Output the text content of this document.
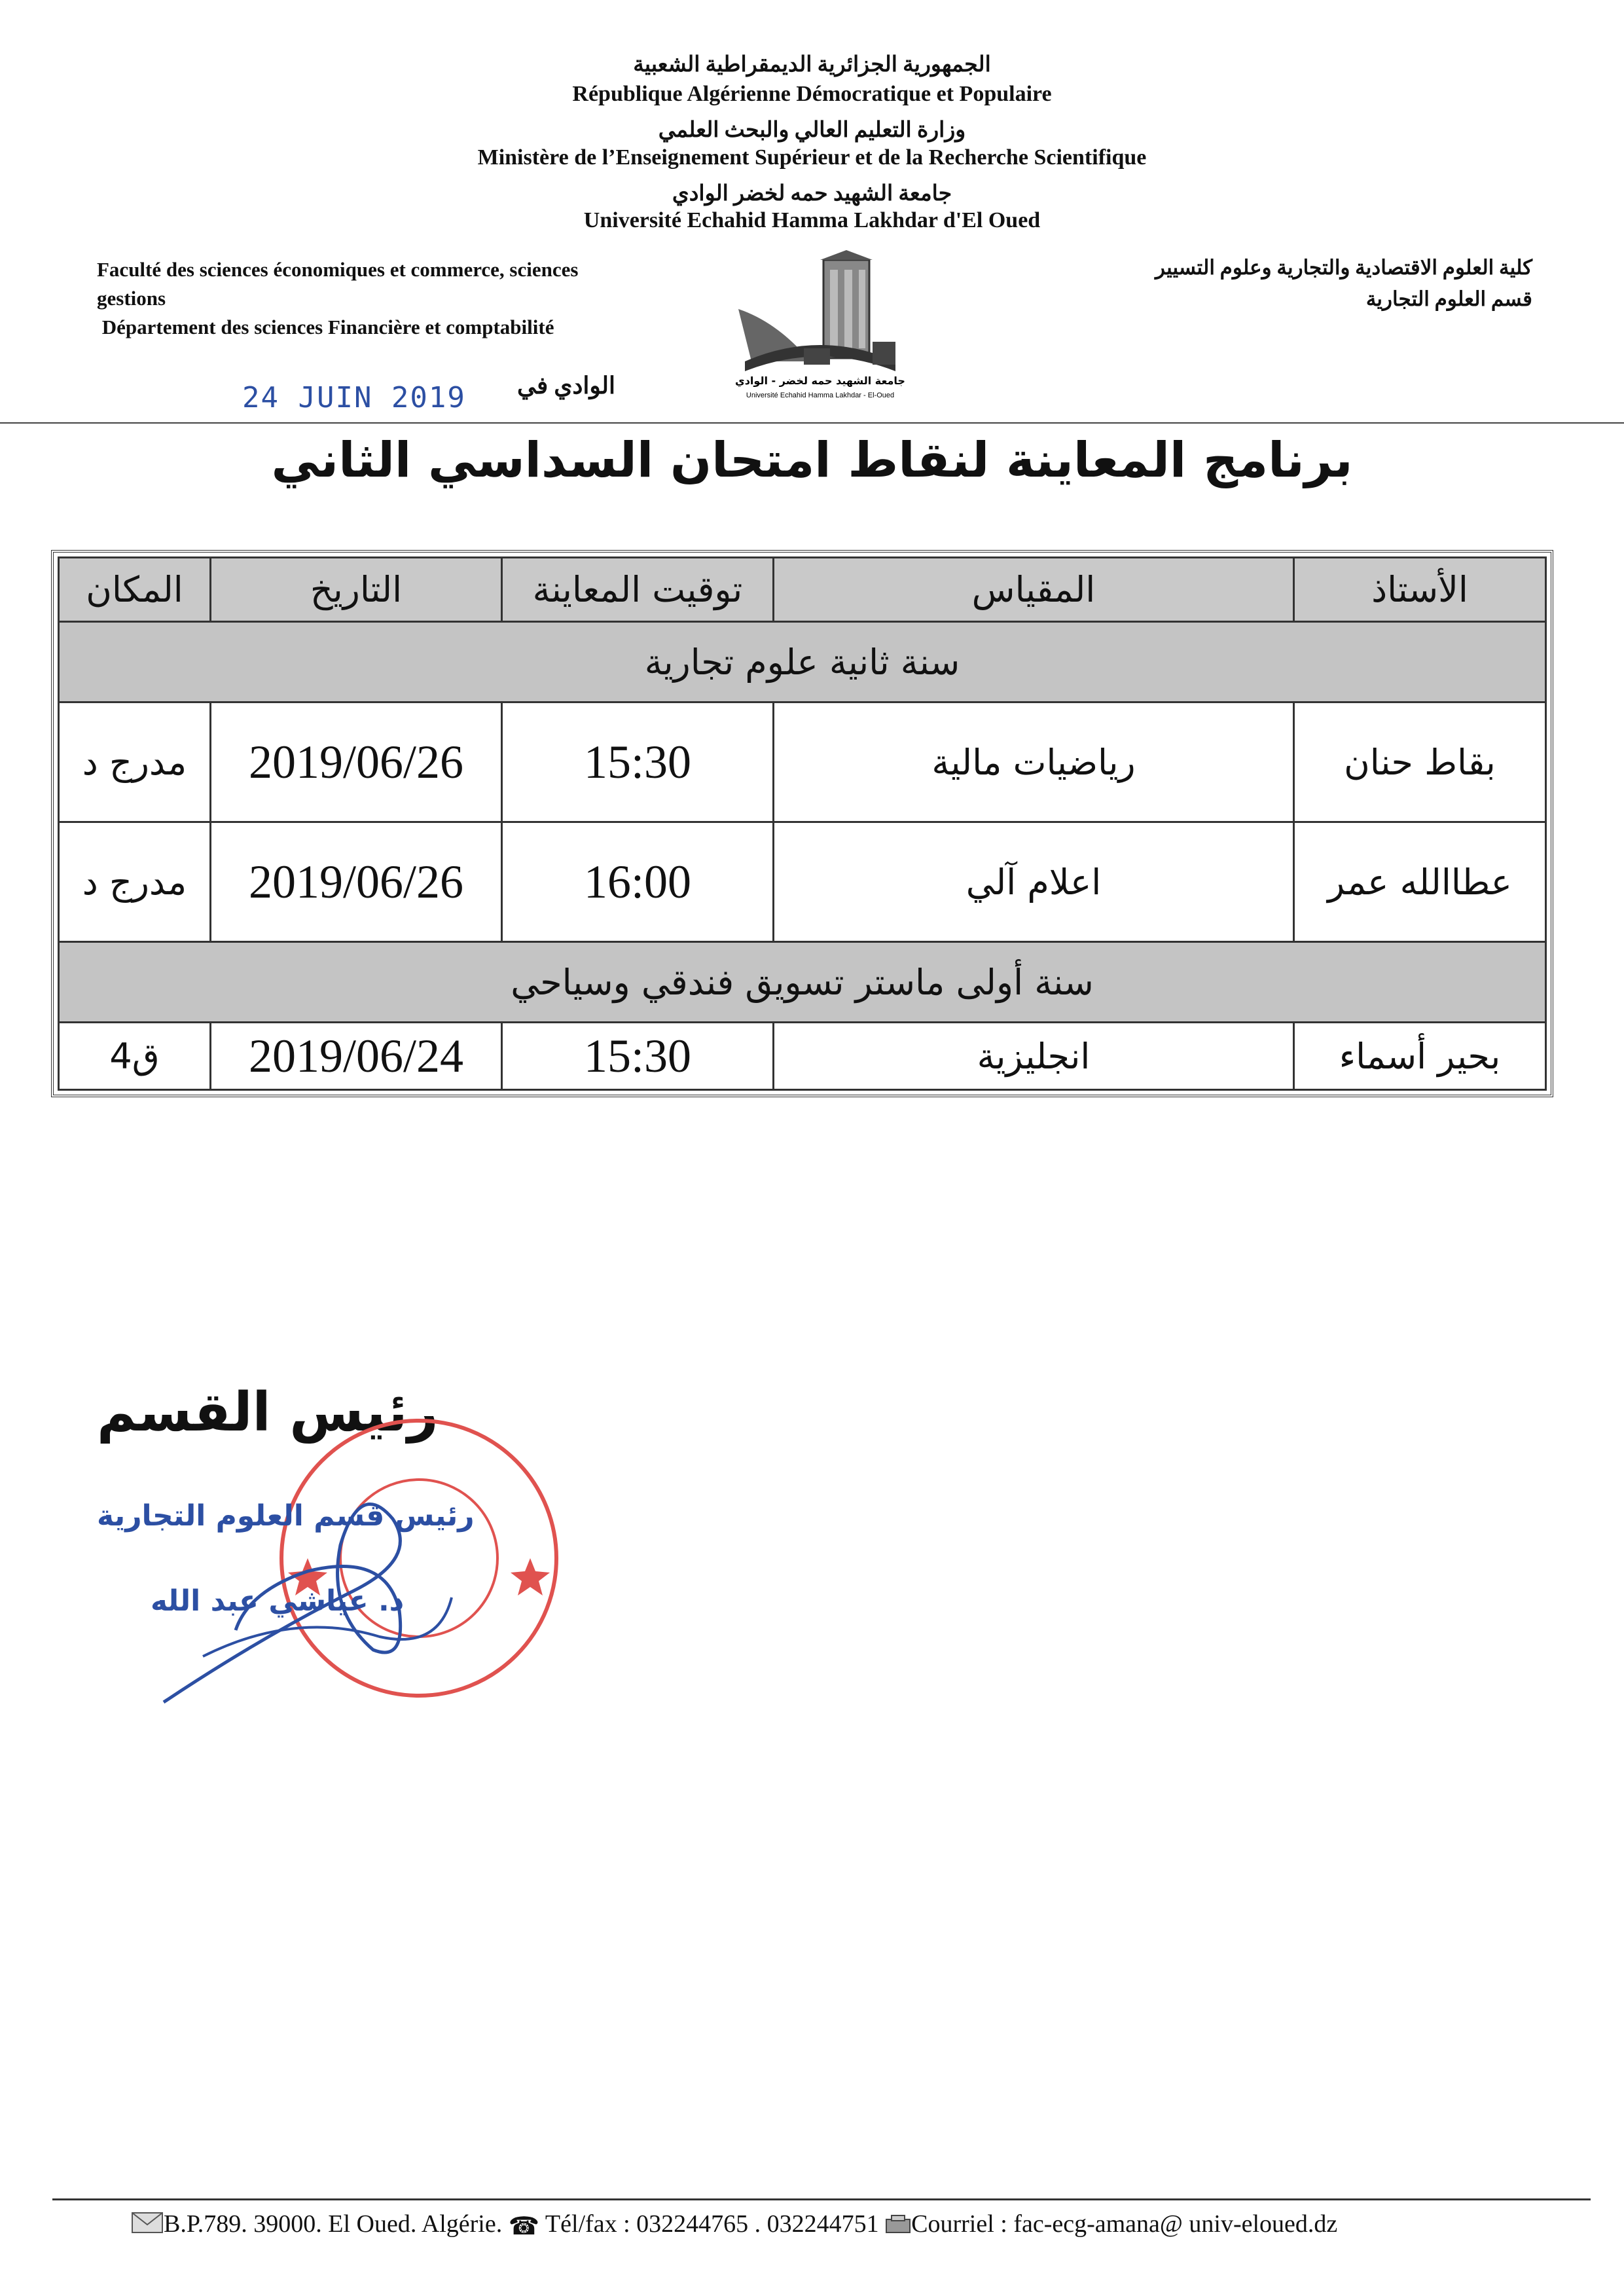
الجمهورية الجزائرية الديمقراطية الشعبية
République Algérienne Démocratique et Populaire
وزارة التعليم العالي والبحث العلمي
Ministère de l’Enseignement Supérieur et de la Recherche Scientifique
جامعة الشهيد حمه لخضر الوادي
Université Echahid Hamma Lakhdar d'El Oued
Faculté des sciences économiques et commerce, sciences
gestions
Département des sciences Financière et comptabilité
كلية العلوم الاقتصادية والتجارية وعلوم التسيير
قسم العلوم التجارية
جامعة الشهيد حمه لخضر - الوادي
Université Echahid Hamma Lakhdar - El-Oued
24 JUIN 2019 الوادي في
برنامج المعاينة لنقاط امتحان السداسي الثاني
الأستاذ	المقياس	توقيت المعاينة	التاريخ	المكان
سنة ثانية علوم تجارية				
بقاط حنان	رياضيات مالية	15:30	2019/06/26	مدرج د
عطاالله عمر	اعلام آلي	16:00	2019/06/26	مدرج د
سنة أولى ماستر تسويق فندقي وسياحي				
بحير أسماء	انجليزية	15:30	2019/06/24	ق4
رئيس القسم
رئيس قسم العلوم التجارية
د. عياشي عبد الله
B.P.789. 39000. El Oued. Algérie. ☎ Tél/fax : 032244765 . 032244751 Courriel : fac-ecg-amana@ univ-eloued.dz
